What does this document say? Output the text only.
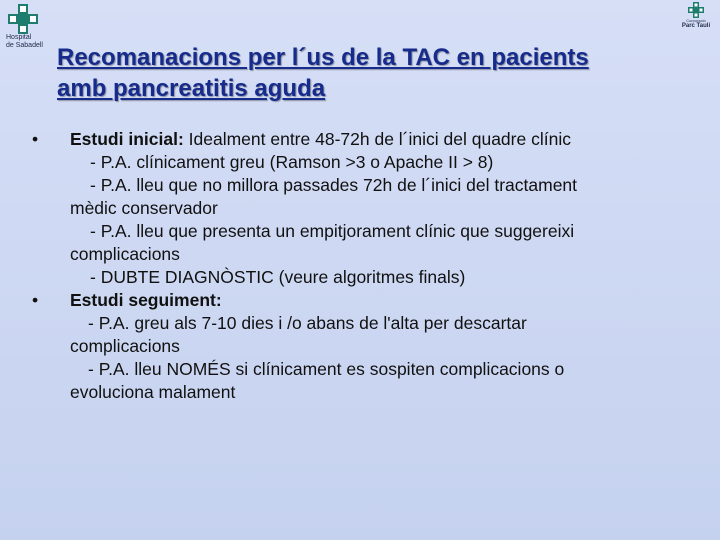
Hospital
de Sabadell
Corporació
Parc Taulí
Recomanacions per l´us de la TAC en pacients
amb pancreatitis aguda
• Estudi inicial: Idealment entre 48-72h de l´inici del quadre clínic
- P.A. clínicament greu (Ramson >3 o Apache II > 8)
- P.A. lleu que no millora passades 72h de l´inici del tractament
mèdic conservador
- P.A. lleu que presenta un empitjorament clínic que suggereixi
complicacions
- DUBTE DIAGNÒSTIC (veure algoritmes finals)
• Estudi seguiment:
- P.A. greu als 7-10 dies i /o abans de l'alta per descartar
complicacions
- P.A. lleu NOMÉS si clínicament es sospiten complicacions o
evoluciona malament
